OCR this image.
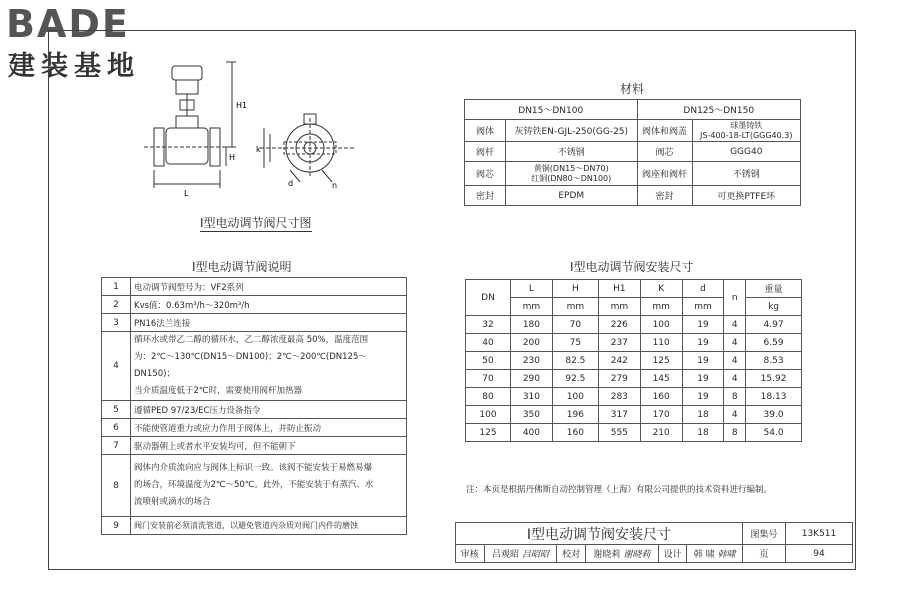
BADE
建装基地
H1
H
L
k
d	n
Ⅰ型电动调节阀尺寸图
材料
DN15～DN100		DN125～DN150	
阀体	灰铸铁EN-GJL-250(GG-25)	阀体和阀盖	球墨铸铁
JS-400-18-LT(GGG40.3)

阀杆	不锈钢	阀芯	GGG40
阀芯	黄铜(DN15～DN70)
红铜(DN80～DN100)	阀座和阀杆	不锈钢
密封	EPDM	密封	可更换PTFE环
Ⅰ型电动调节阀说明
1	电动调节阀型号为：VF2系列
2	Kvs值：0.63m³/h～320m³/h
3	PN16法兰连接
4	循环水或带乙二醇的循环水，乙二醇浓度最高 50%，温度范围
为：2℃～130℃(DN15～DN100)；2℃～200℃(DN125～DN150)；
当介质温度低于2℃时，需要使用阀杆加热器

5	遵循PED 97/23/EC压力设备指令
6	不能使管道重力或应力作用于阀体上，并防止振动
7	驱动器朝上或者水平安装均可，但不能朝下
8	阀体内介质流向应与阀体上标识一致。该阀不能安装于易燃易爆
的场合，环境温度为2℃～50℃。此外，不能安装于有蒸汽、水
流喷射或滴水的场合

9	阀门安装前必须清洗管道，以避免管道内杂质对阀门内件的磨蚀
Ⅰ型电动调节阀安装尺寸
DN	L	H	H1	K	d	n	重量
	mm	mm	mm	mm	mm		kg
32	180	70	226	100	19	4	4.97
40	200	75	237	110	19	4	6.59
50	230	82.5	242	125	19	4	8.53
70	290	92.5	279	145	19	4	15.92
80	310	100	283	160	19	8	18.13
100	350	196	317	170	18	4	39.0
125	400	160	555	210	18	8	54.0
注：本页是根据丹佛斯自动控制管理（上海）有限公司提供的技术资料进行编制。
Ⅰ型电动调节阀安装尺寸						图集号	13K511
审核	吕观昭 吕昭昭	校对	谢晓莉 谢晓莉	设计	韩 啸 韩啸	页	94
